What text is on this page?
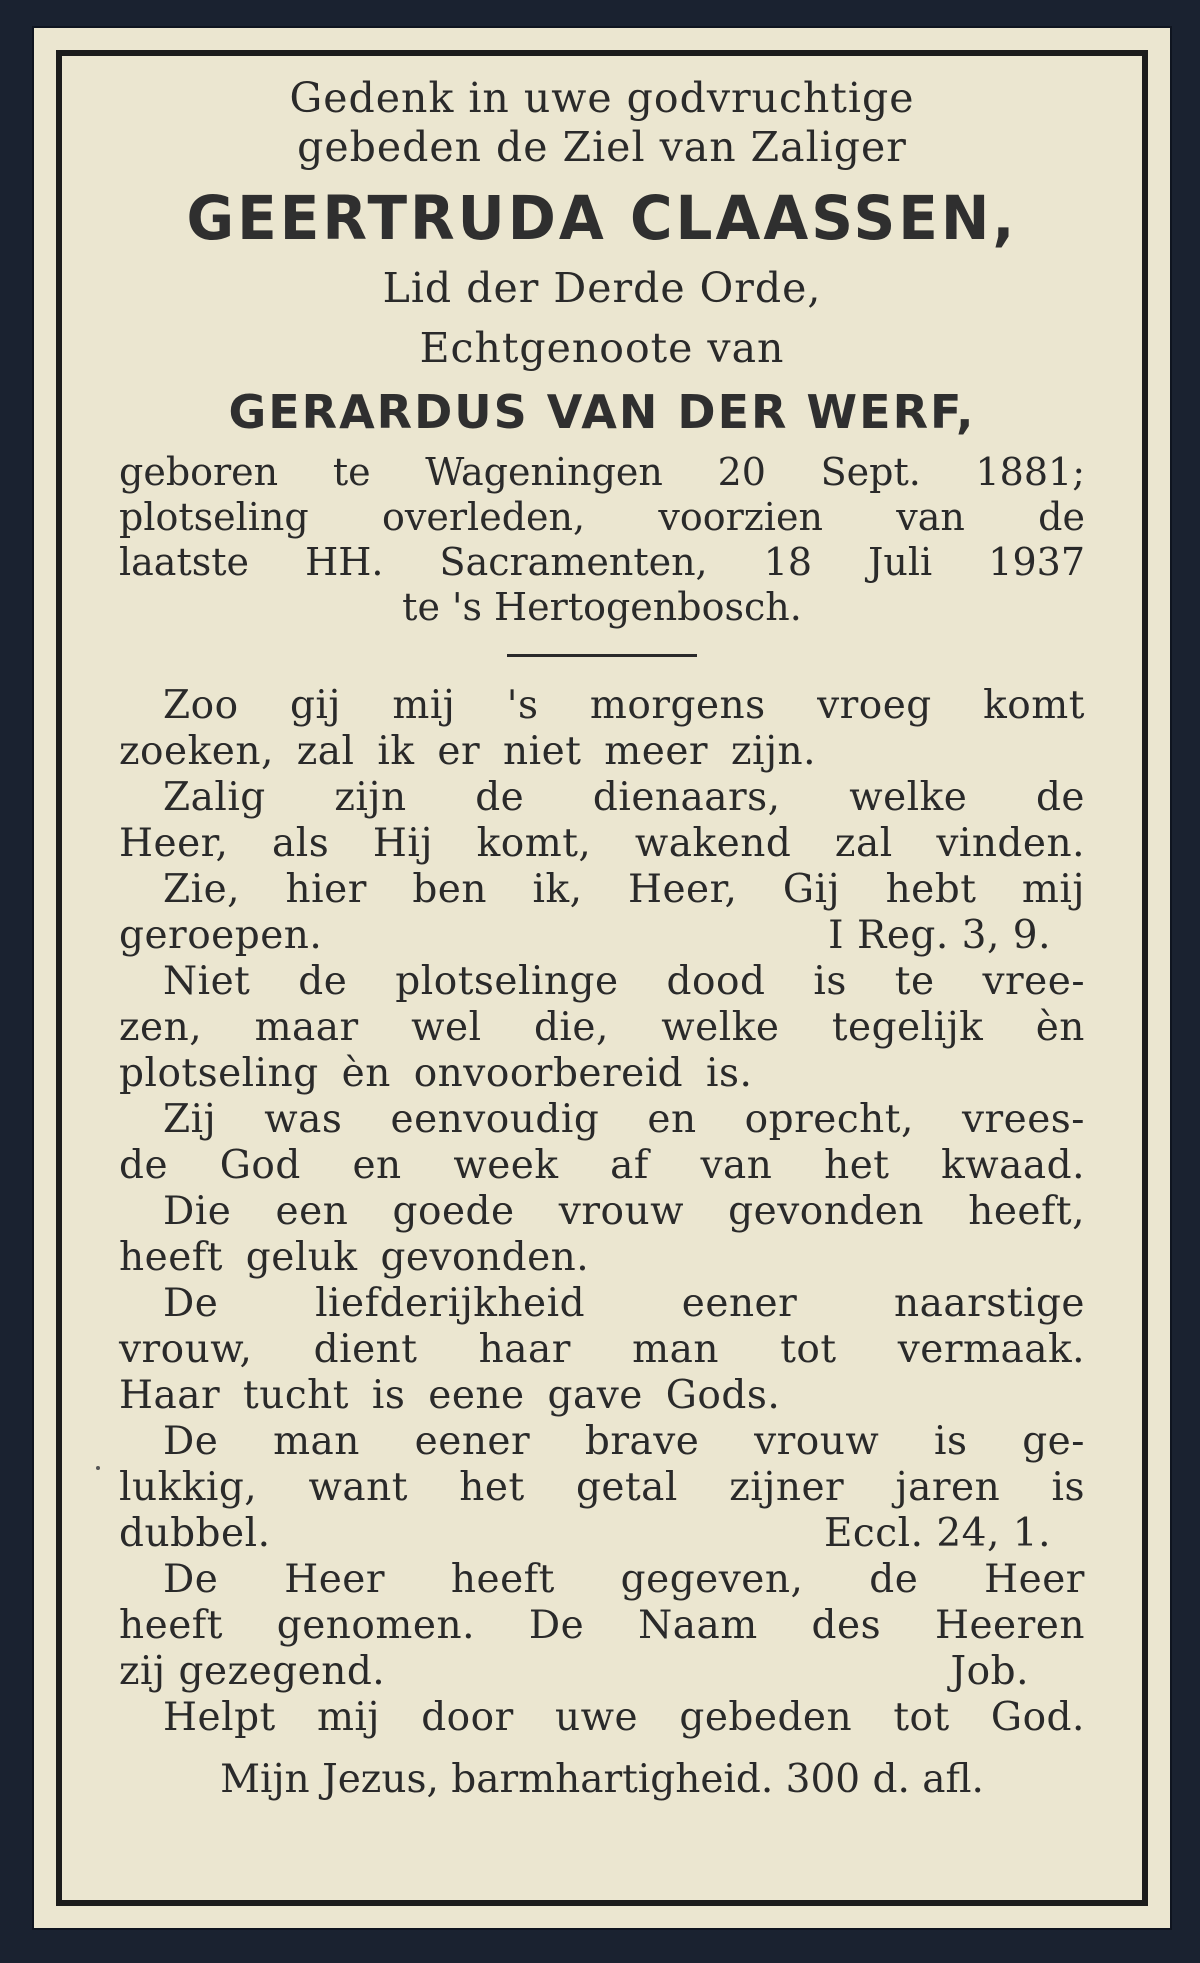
Gedenk in uwe godvruchtige
gebeden de Ziel van Zaliger
GEERTRUDA CLAASSEN,
Lid der Derde Orde,
Echtgenoote van
GERARDUS VAN DER WERF,
geboren te Wageningen 20 Sept. 1881;
plotseling overleden, voorzien van de
laatste HH. Sacramenten, 18 Juli 1937
te 's Hertogenbosch.
Zoo gij mij 's morgens vroeg komt
zoeken, zal ik er niet meer zijn.
Zalig zijn de dienaars, welke de
Heer, als Hij komt, wakend zal vinden.
Zie, hier ben ik, Heer, Gij hebt mij
geroepen.	I Reg. 3, 9.
Niet de plotselinge dood is te vree-
zen, maar wel die, welke tegelijk èn
plotseling èn onvoorbereid is.
Zij was eenvoudig en oprecht, vrees-
de God en week af van het kwaad.
Die een goede vrouw gevonden heeft,
heeft geluk gevonden.
De liefderijkheid eener naarstige
vrouw, dient haar man tot vermaak.
Haar tucht is eene gave Gods.
De man eener brave vrouw is ge-
lukkig, want het getal zijner jaren is
dubbel.	Eccl. 24, 1.
De Heer heeft gegeven, de Heer
heeft genomen. De Naam des Heeren
zij gezegend.	Job.
Helpt mij door uwe gebeden tot God.
Mijn Jezus, barmhartigheid. 300 d. afl.
